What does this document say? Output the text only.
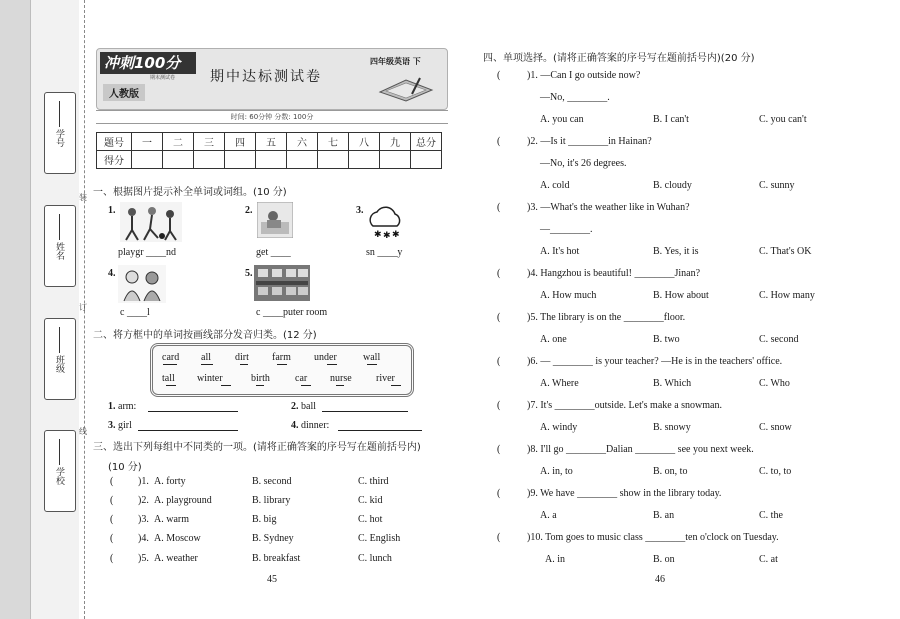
学号
姓名
班级
学校
装
订
线
冲刺100分
期末测试卷
人教版
期中达标测试卷
四年级英语 下
时间: 60分钟 分数: 100分
题号	一	二	三	四	五	六	七	八	九	总分
得分										
一、根据图片提示补全单词或词组。(10 分)
1.
playgr ____nd
2.
get ____
3.
✱ ✱ ✱
sn ____y
4.
c ____l
5.
c ____puter room
二、将方框中的单词按画线部分发音归类。(12 分)
card all dirt farm under	wall
tall winter	birth	car nurse river
1. arm:	2. ball
3. girl	4. dinner:
三、选出下列每组中不同类的一项。(请将正确答案的序号写在题前括号内)
(10 分)
( )1. A. forty	B. second	C. third
( )2. A. playground	B. library	C. kid
( )3. A. warm	B. big	C. hot
( )4. A. Moscow	B. Sydney	C. English
( )5. A. weather	B. breakfast	C. lunch
45
四、单项选择。(请将正确答案的序号写在题前括号内)(20 分)
(	)1. —Can I go outside now?
—No, ________.
A. you can	B. I can't	C. you can't
(	)2. —Is it ________in Hainan?
—No, it's 26 degrees.
A. cold	B. cloudy	C. sunny
(	)3. —What's the weather like in Wuhan?
—________.
A. It's hot	B. Yes, it is	C. That's OK
(	)4. Hangzhou is beautiful! ________Jinan?
A. How much	B. How about	C. How many
(	)5. The library is on the ________floor.
A. one	B. two	C. second
(	)6. — ________ is your teacher? —He is in the teachers' office.
A. Where	B. Which	C. Who
(	)7. It's ________outside. Let's make a snowman.
A. windy	B. snowy	C. snow
(	)8. I'll go ________Dalian ________ see you next week.
A. in, to	B. on, to	C. to, to
(	)9. We have ________ show in the library today.
A. a	B. an	C. the
(	)10. Tom goes to music class ________ten o'clock on Tuesday.
A. in	B. on	C. at
46
